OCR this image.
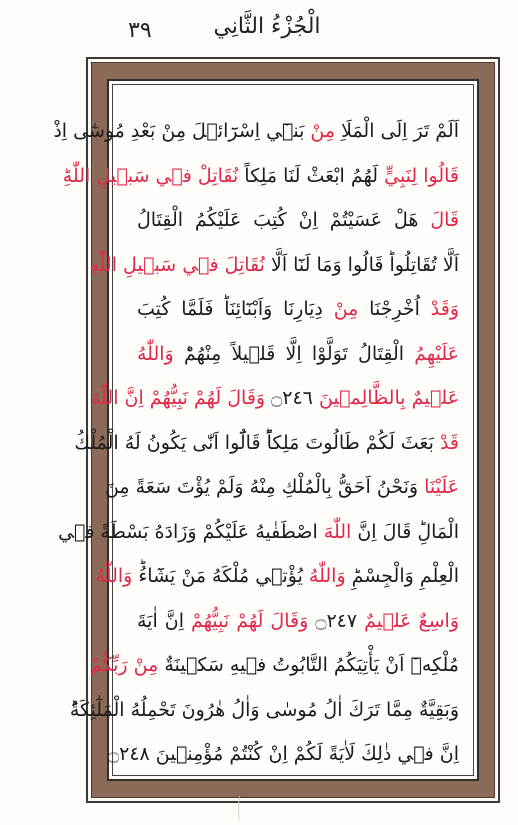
٣٩	الْجُزْءُ الثَّانِي
اَلَمْ تَرَ اِلَى الْمَلَاِ مِنْ بَن۪ٓي اِسْرَٓائ۪لَ مِنْ بَعْدِ مُوسٰٓى اِذْ
قَالُوا لِنَبِيٍّ لَهُمُ ابْعَثْ لَنَا مَلِكاً نُقَاتِلْ ف۪ي سَب۪يلِ اللّٰهِؕ
قَالَ هَلْ عَسَيْتُمْ اِنْ كُتِبَ عَلَيْكُمُ الْقِتَالُ
اَلَّا تُقَاتِلُواؕ قَالُوا وَمَا لَنَٓا اَلَّا نُقَاتِلَ ف۪ي سَب۪يلِ اللّٰهِ
وَقَدْ اُخْرِجْنَا مِنْ دِيَارِنَا وَاَبْنَٓائِنَاؕ فَلَمَّا كُتِبَ
عَلَيْهِمُ الْقِتَالُ تَوَلَّوْا اِلَّا قَل۪يلاً مِنْهُمْؕ وَاللّٰهُ
عَل۪يمٌ بِالظَّالِم۪ينَ ۝٢٤٦ وَقَالَ لَهُمْ نَبِيُّهُمْ اِنَّ اللّٰهَ
قَدْ بَعَثَ لَكُمْ طَالُوتَ مَلِكاًؕ قَالُٓوا اَنّٰى يَكُونُ لَهُ الْمُلْكُ
عَلَيْنَا وَنَحْنُ اَحَقُّ بِالْمُلْكِ مِنْهُ وَلَمْ يُؤْتَ سَعَةً مِنَ
الْمَالِؕ قَالَ اِنَّ اللّٰهَ اصْطَفٰيهُ عَلَيْكُمْ وَزَادَهُ بَسْطَةً ف۪ي
الْعِلْمِ وَالْجِسْمِؕ وَاللّٰهُ يُؤْت۪ي مُلْكَهُ مَنْ يَشَٓاءُؕ وَاللّٰهُ
وَاسِعٌ عَل۪يمٌ ۝٢٤٧ وَقَالَ لَهُمْ نَبِيُّهُمْ اِنَّ اٰيَةَ
مُلْكِه۪ٓ اَنْ يَأْتِيَكُمُ التَّابُوتُ ف۪يهِ سَك۪ينَةٌ مِنْ رَبِّكُمْ
وَبَقِيَّةٌ مِمَّا تَرَكَ اٰلُ مُوسٰى وَاٰلُ هٰرُونَ تَحْمِلُهُ الْمَلٰٓئِكَةُؕ
اِنَّ ف۪ي ذٰلِكَ لَاٰيَةً لَكُمْ اِنْ كُنْتُمْ مُؤْمِن۪ينَ ۝٢٤٨
